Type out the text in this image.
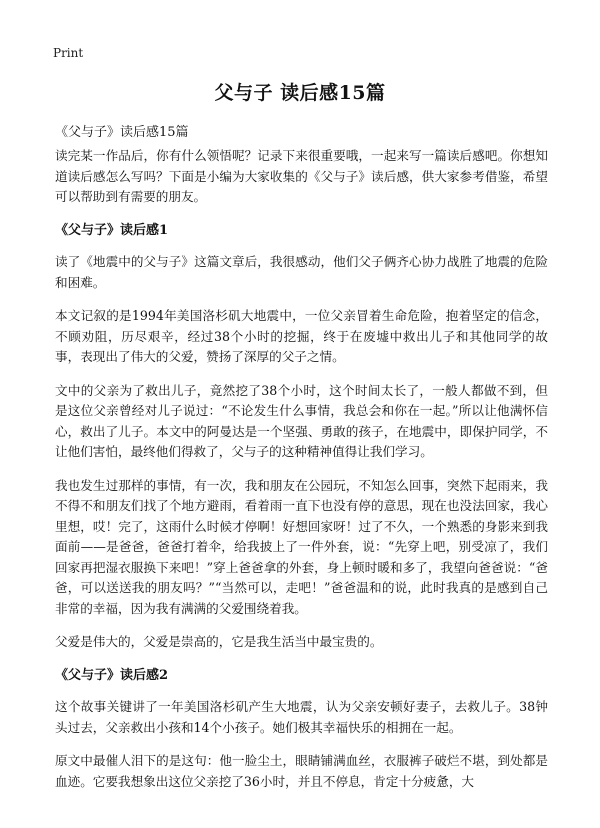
Print
父与子 读后感15篇
《父与子》读后感15篇

读完某一作品后，你有什么领悟呢？记录下来很重要哦，一起来写一篇读后感吧。你想知道读后感怎么写吗？下面是小编为大家收集的《父与子》读后感，供大家参考借鉴，希望可以帮助到有需要的朋友。

《父与子》读后感1

读了《地震中的父与子》这篇文章后，我很感动，他们父子俩齐心协力战胜了地震的危险和困难。

本文记叙的是1994年美国洛杉矶大地震中，一位父亲冒着生命危险，抱着坚定的信念，不顾劝阻，历尽艰辛，经过38个小时的挖掘，终于在废墟中救出儿子和其他同学的故事，表现出了伟大的父爱，赞扬了深厚的父子之情。

文中的父亲为了救出儿子，竟然挖了38个小时，这个时间太长了，一般人都做不到，但是这位父亲曾经对儿子说过：“不论发生什么事情，我总会和你在一起。”所以让他满怀信心，救出了儿子。本文中的阿曼达是一个坚强、勇敢的孩子，在地震中，即保护同学，不让他们害怕，最终他们得救了，父与子的这种精神值得让我们学习。

我也发生过那样的事情，有一次，我和朋友在公园玩，不知怎么回事，突然下起雨来，我不得不和朋友们找了个地方避雨，看着雨一直下也没有停的意思，现在也没法回家，我心里想，哎！完了，这雨什么时候才停啊！好想回家呀！过了不久，一个熟悉的身影来到我面前——是爸爸，爸爸打着伞，给我披上了一件外套，说：“先穿上吧，别受凉了，我们回家再把湿衣服换下来吧！”穿上爸爸拿的外套，身上顿时暖和多了，我望向爸爸说：“爸爸，可以送送我的朋友吗？”“当然可以，走吧！”爸爸温和的说，此时我真的是感到自己非常的幸福，因为我有满满的父爱围绕着我。

父爱是伟大的，父爱是崇高的，它是我生活当中最宝贵的。

《父与子》读后感2

这个故事关键讲了一年美国洛杉矶产生大地震，认为父亲安顿好妻子，去救儿子。38钟头过去，父亲救出小孩和14个小孩子。她们极其幸福快乐的相拥在一起。

原文中最催人泪下的是这句：他一脸尘土，眼睛铺满血丝，衣服裤子破烂不堪，到处都是血迹。它要我想象出这位父亲挖了36小时，并且不停息，肯定十分疲惫，大
